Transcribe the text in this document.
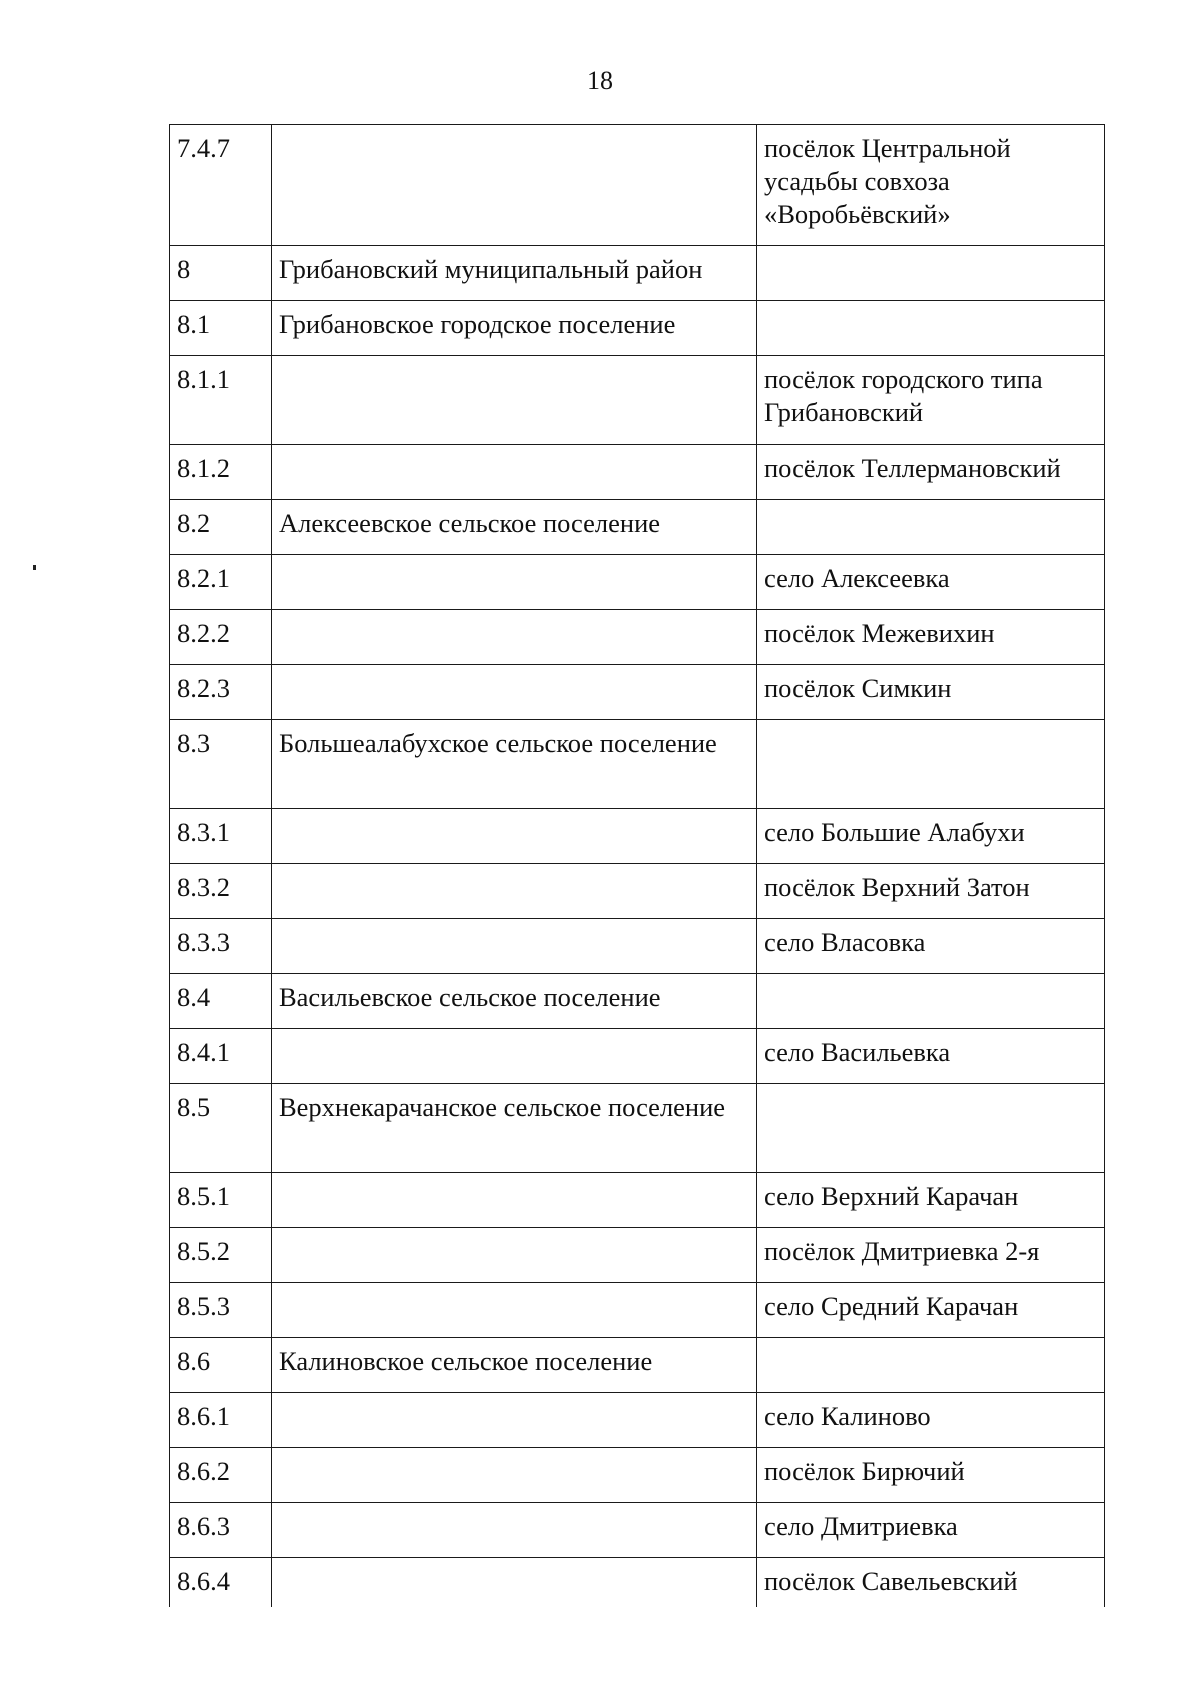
18
7.4.7		посёлок Центральной усадьбы совхоза «Воробьёвский»
8	Грибановский муниципальный район	
8.1	Грибановское городское поселение	
8.1.1		посёлок городского типа Грибановский
8.1.2		посёлок Теллермановский
8.2	Алексеевское сельское поселение	
8.2.1		село Алексеевка
8.2.2		посёлок Межевихин
8.2.3		посёлок Симкин
8.3	Большеалабухское сельское поселение	
8.3.1		село Большие Алабухи
8.3.2		посёлок Верхний Затон
8.3.3		село Власовка
8.4	Васильевское сельское поселение	
8.4.1		село Васильевка
8.5	Верхнекарачанское сельское поселение	
8.5.1		село Верхний Карачан
8.5.2		посёлок Дмитриевка 2-я
8.5.3		село Средний Карачан
8.6	Калиновское сельское поселение	
8.6.1		село Калиново
8.6.2		посёлок Бирючий
8.6.3		село Дмитриевка
8.6.4		посёлок Савельевский
